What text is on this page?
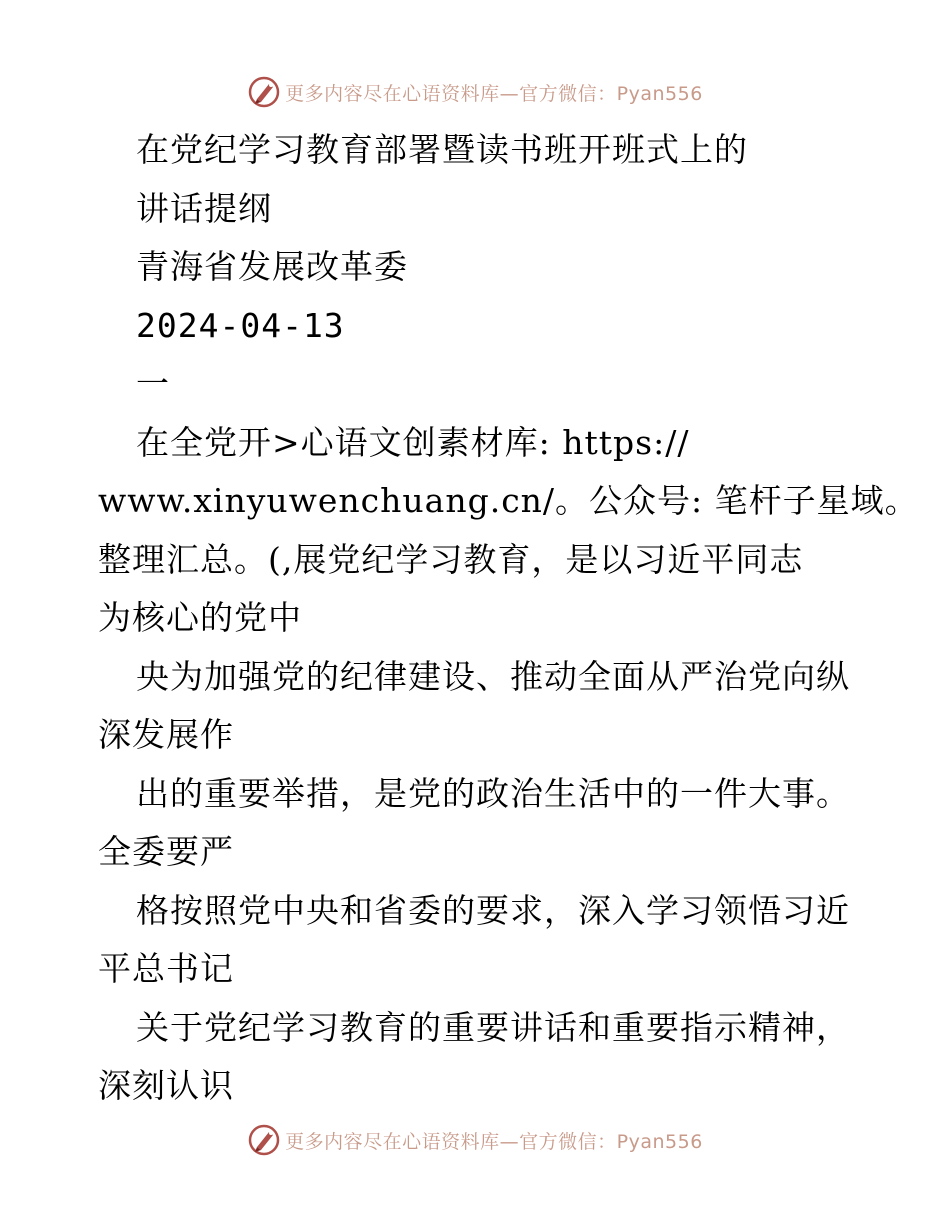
更多内容尽在心语资料库—官方微信：Pyan556
在党纪学习教育部署暨读书班开班式上的
讲话提纲
青海省发展改革委
2024-04-13
一
在全党开>心语文创素材库: https://
www.xinyuwenchuang.cn/。公众号: 笔杆子星域。
整理汇总。(,展党纪学习教育，是以习近平同志
为核心的党中
央为加强党的纪律建设、推动全面从严治党向纵
深发展作
出的重要举措，是党的政治生活中的一件大事。
全委要严
格按照党中央和省委的要求，深入学习领悟习近
平总书记
关于党纪学习教育的重要讲话和重要指示精神，
深刻认识
更多内容尽在心语资料库—官方微信：Pyan556
